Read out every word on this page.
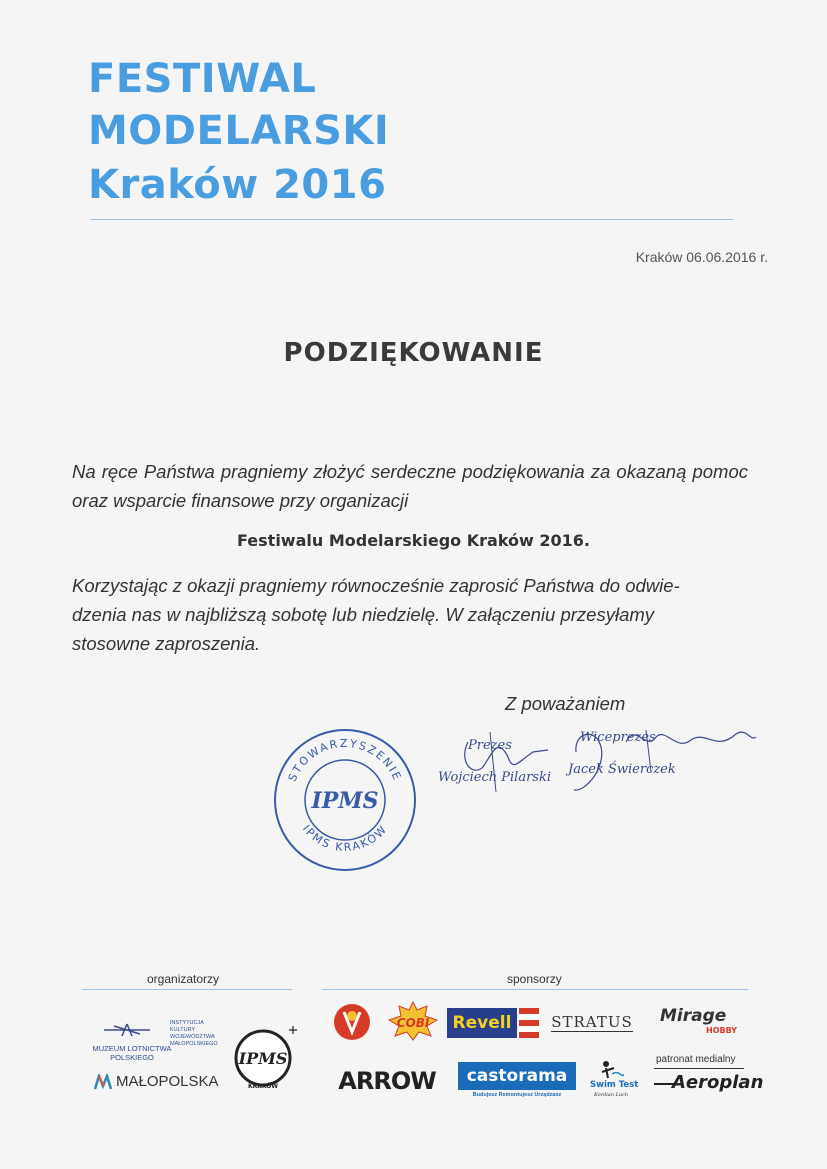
FESTIWAL
MODELARSKI
Kraków 2016
Kraków 06.06.2016 r.
PODZIĘKOWANIE
Na ręce Państwa pragniemy złożyć serdeczne podziękowania za okazaną pomoc oraz wsparcie finansowe przy organizacji
Festiwalu Modelarskiego Kraków 2016.
Korzystając z okazji pragniemy równocześnie zaprosić Państwa do odwie-dzenia nas w najbliższą sobotę lub niedzielę. W załączeniu przesyłamy stosowne zaproszenia.
Z poważaniem
STOWARZYSZENIE
IPMS KRAKÓW
IPMS
Prezes
Wojciech Pilarski
Wiceprezes
Jacek Świerczek
organizatorzy	sponsorzy
INSTYTUCJA KULTURY WOJEWÓDZTWA MAŁOPOLSKIEGO
MUZEUM LOTNICTWA POLSKIEGO
MAŁOPOLSKA
IPMS
KRAKÓW
COBI Revell	STRATUS Mirage
HOBBY
ARROW castorama
Budujesz Remontujesz Urządzasz
Swim Test
Kordian Luch
patronat medialny
Aeroplan
